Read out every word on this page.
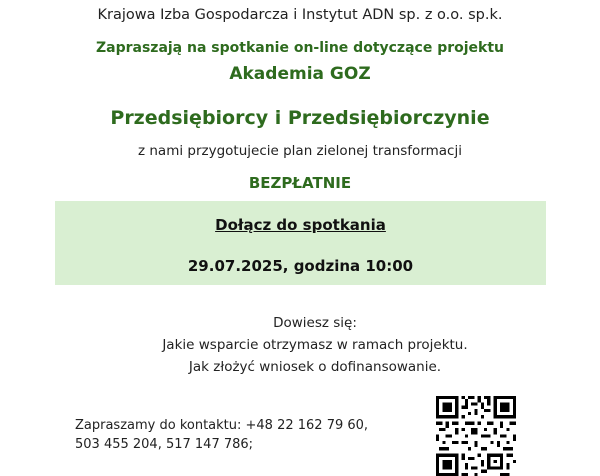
Krajowa Izba Gospodarcza i Instytut ADN sp. z o.o. sp.k.
Zapraszają na spotkanie on-line dotyczące projektu
Akademia GOZ
Przedsiębiorcy i Przedsiębiorczynie
z nami przygotujecie plan zielonej transformacji
BEZPŁATNIE
Dołącz do spotkania
29.07.2025, godzina 10:00
Dowiesz się:
Jakie wsparcie otrzymasz w ramach projektu.
Jak złożyć wniosek o dofinansowanie.
Zapraszamy do kontaktu: +48 22 162 79 60,
503 455 204, 517 147 786;
